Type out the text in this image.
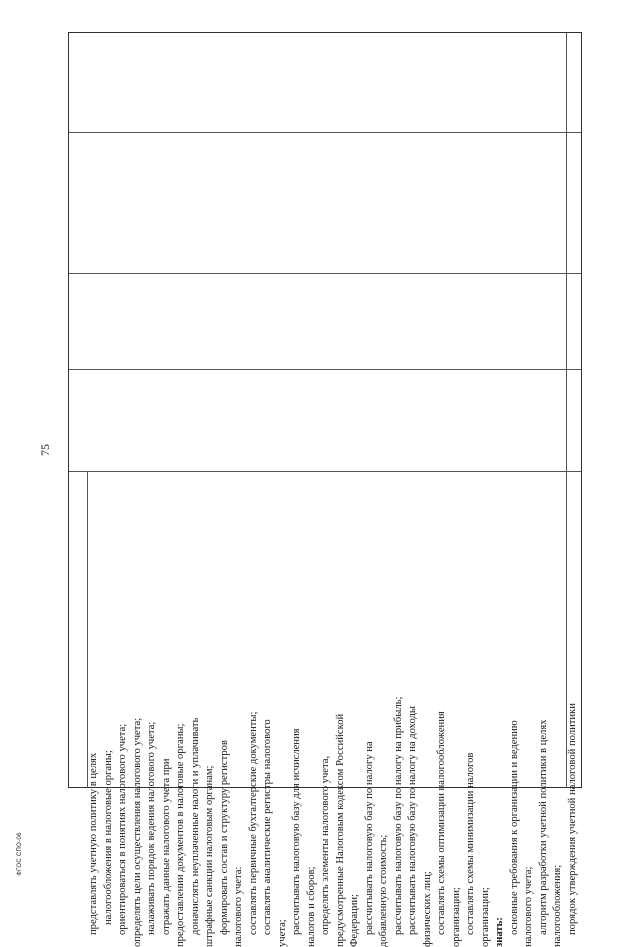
75
ФГОС СПО-06	представлять учетную политику в целях налогообложения в налоговые органы; ориентироваться в понятиях налогового учета; определять цели осуществления налогового учета; налаживать порядок ведения налогового учета; отражать данные налогового учета при предоставлении документов в налоговые органы; доначислять неуплаченные налоги и уплачивать штрафные санкции налоговым органам; формировать состав и структуру регистров налогового учета: составлять первичные бухгалтерские документы; составлять аналитические регистры налогового учета; рассчитывать налоговую базу для исчисления налогов и сборов; определять элементы налогового учета, предусмотренные Налоговым кодексом Российской Федерации; рассчитывать налоговую базу по налогу на добавленную стоимость; рассчитывать налоговую базу по налогу на прибыль; рассчитывать налоговую базу по налогу на доходы физических лиц; составлять схемы оптимизации налогообложения организации; составлять схемы минимизации налогов организации; знать: основные требования к организации и ведению налогового учета; алгоритм разработки учетной политики в целях налогообложения; порядок утверждения учетной налоговой политики
